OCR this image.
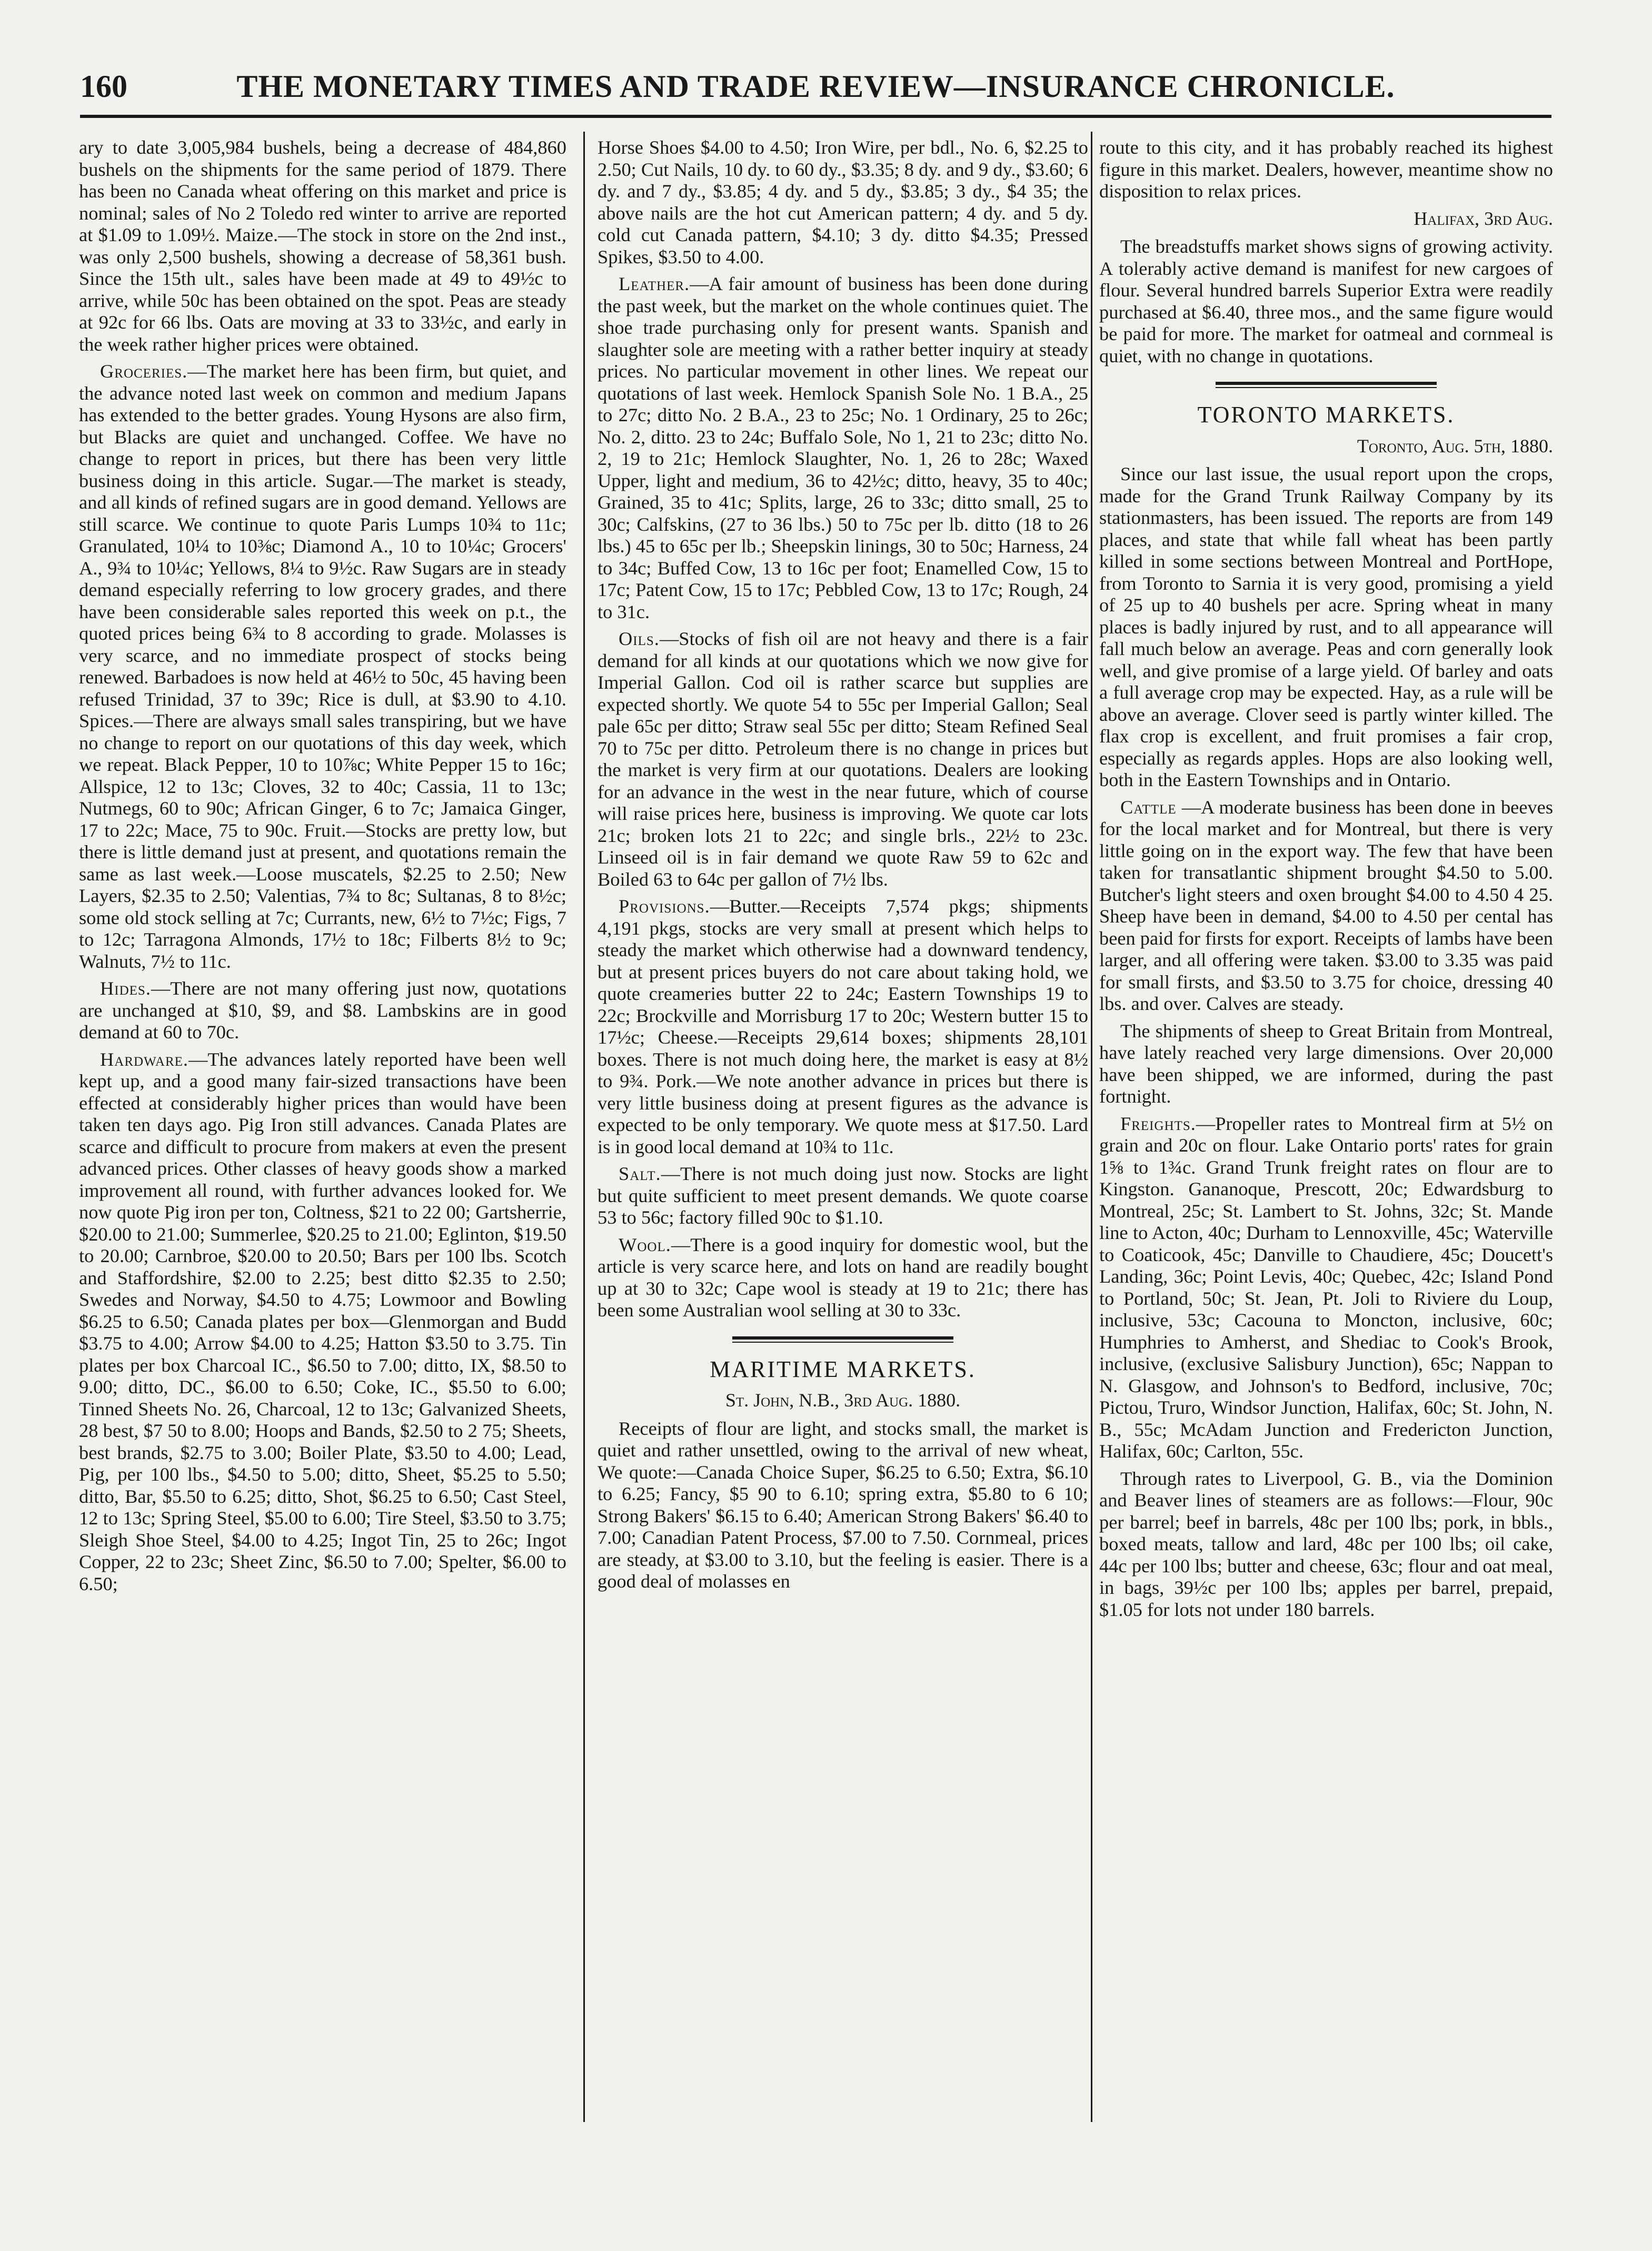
160	THE MONETARY TIMES AND TRADE REVIEW—INSURANCE CHRONICLE.

ary to date 3,005,984 bushels, being a decrease of 484,860 bushels on the shipments for the same period of 1879. There has been no Canada wheat offering on this market and price is nominal; sales of No 2 Toledo red winter to arrive are reported at $1.09 to 1.09½. Maize.—The stock in store on the 2nd inst., was only 2,500 bushels, showing a decrease of 58,361 bush. Since the 15th ult., sales have been made at 49 to 49½c to arrive, while 50c has been obtained on the spot. Peas are steady at 92c for 66 lbs. Oats are moving at 33 to 33½c, and early in the week rather higher prices were obtained.

Groceries.—The market here has been firm, but quiet, and the advance noted last week on common and medium Japans has extended to the better grades. Young Hysons are also firm, but Blacks are quiet and unchanged. Coffee. We have no change to report in prices, but there has been very little business doing in this article. Sugar.—The market is steady, and all kinds of refined sugars are in good demand. Yellows are still scarce. We continue to quote Paris Lumps 10¾ to 11c; Granulated, 10¼ to 10⅜c; Diamond A., 10 to 10¼c; Grocers' A., 9¾ to 10¼c; Yellows, 8¼ to 9½c. Raw Sugars are in steady demand especially referring to low grocery grades, and there have been considerable sales reported this week on p.t., the quoted prices being 6¾ to 8 according to grade. Molasses is very scarce, and no immediate prospect of stocks being renewed. Barbadoes is now held at 46½ to 50c, 45 having been refused Trinidad, 37 to 39c; Rice is dull, at $3.90 to 4.10. Spices.—There are always small sales transpiring, but we have no change to report on our quotations of this day week, which we repeat. Black Pepper, 10 to 10⅞c; White Pepper 15 to 16c; Allspice, 12 to 13c; Cloves, 32 to 40c; Cassia, 11 to 13c; Nutmegs, 60 to 90c; African Ginger, 6 to 7c; Jamaica Ginger, 17 to 22c; Mace, 75 to 90c. Fruit.—Stocks are pretty low, but there is little demand just at present, and quotations remain the same as last week.—Loose muscatels, $2.25 to 2.50; New Layers, $2.35 to 2.50; Valentias, 7¾ to 8c; Sultanas, 8 to 8½c; some old stock selling at 7c; Currants, new, 6½ to 7½c; Figs, 7 to 12c; Tarragona Almonds, 17½ to 18c; Filberts 8½ to 9c; Walnuts, 7½ to 11c.

Hides.—There are not many offering just now, quotations are unchanged at $10, $9, and $8. Lambskins are in good demand at 60 to 70c.

Hardware.—The advances lately reported have been well kept up, and a good many fair-sized transactions have been effected at considerably higher prices than would have been taken ten days ago. Pig Iron still advances. Canada Plates are scarce and difficult to procure from makers at even the present advanced prices. Other classes of heavy goods show a marked improvement all round, with further advances looked for. We now quote Pig iron per ton, Coltness, $21 to 22 00; Gartsherrie, $20.00 to 21.00; Summerlee, $20.25 to 21.00; Eglinton, $19.50 to 20.00; Carnbroe, $20.00 to 20.50; Bars per 100 lbs. Scotch and Staffordshire, $2.00 to 2.25; best ditto $2.35 to 2.50; Swedes and Norway, $4.50 to 4.75; Lowmoor and Bowling $6.25 to 6.50; Canada plates per box—Glenmorgan and Budd $3.75 to 4.00; Arrow $4.00 to 4.25; Hatton $3.50 to 3.75. Tin plates per box Charcoal IC., $6.50 to 7.00; ditto, IX, $8.50 to 9.00; ditto, DC., $6.00 to 6.50; Coke, IC., $5.50 to 6.00; Tinned Sheets No. 26, Charcoal, 12 to 13c; Galvanized Sheets, 28 best, $7 50 to 8.00; Hoops and Bands, $2.50 to 2 75; Sheets, best brands, $2.75 to 3.00; Boiler Plate, $3.50 to 4.00; Lead, Pig, per 100 lbs., $4.50 to 5.00; ditto, Sheet, $5.25 to 5.50; ditto, Bar, $5.50 to 6.25; ditto, Shot, $6.25 to 6.50; Cast Steel, 12 to 13c; Spring Steel, $5.00 to 6.00; Tire Steel, $3.50 to 3.75; Sleigh Shoe Steel, $4.00 to 4.25; Ingot Tin, 25 to 26c; Ingot Copper, 22 to 23c; Sheet Zinc, $6.50 to 7.00; Spelter, $6.00 to 6.50;

Horse Shoes $4.00 to 4.50; Iron Wire, per bdl., No. 6, $2.25 to 2.50; Cut Nails, 10 dy. to 60 dy., $3.35; 8 dy. and 9 dy., $3.60; 6 dy. and 7 dy., $3.85; 4 dy. and 5 dy., $3.85; 3 dy., $4 35; the above nails are the hot cut American pattern; 4 dy. and 5 dy. cold cut Canada pattern, $4.10; 3 dy. ditto $4.35; Pressed Spikes, $3.50 to 4.00.

Leather.—A fair amount of business has been done during the past week, but the market on the whole continues quiet. The shoe trade purchasing only for present wants. Spanish and slaughter sole are meeting with a rather better inquiry at steady prices. No particular movement in other lines. We repeat our quotations of last week. Hemlock Spanish Sole No. 1 B.A., 25 to 27c; ditto No. 2 B.A., 23 to 25c; No. 1 Ordinary, 25 to 26c; No. 2, ditto. 23 to 24c; Buffalo Sole, No 1, 21 to 23c; ditto No. 2, 19 to 21c; Hemlock Slaughter, No. 1, 26 to 28c; Waxed Upper, light and medium, 36 to 42½c; ditto, heavy, 35 to 40c; Grained, 35 to 41c; Splits, large, 26 to 33c; ditto small, 25 to 30c; Calfskins, (27 to 36 lbs.) 50 to 75c per lb. ditto (18 to 26 lbs.) 45 to 65c per lb.; Sheepskin linings, 30 to 50c; Harness, 24 to 34c; Buffed Cow, 13 to 16c per foot; Enamelled Cow, 15 to 17c; Patent Cow, 15 to 17c; Pebbled Cow, 13 to 17c; Rough, 24 to 31c.

Oils.—Stocks of fish oil are not heavy and there is a fair demand for all kinds at our quotations which we now give for Imperial Gallon. Cod oil is rather scarce but supplies are expected shortly. We quote 54 to 55c per Imperial Gallon; Seal pale 65c per ditto; Straw seal 55c per ditto; Steam Refined Seal 70 to 75c per ditto. Petroleum there is no change in prices but the market is very firm at our quotations. Dealers are looking for an advance in the west in the near future, which of course will raise prices here, business is improving. We quote car lots 21c; broken lots 21 to 22c; and single brls., 22½ to 23c. Linseed oil is in fair demand we quote Raw 59 to 62c and Boiled 63 to 64c per gallon of 7½ lbs.

Provisions.—Butter.—Receipts 7,574 pkgs; shipments 4,191 pkgs, stocks are very small at present which helps to steady the market which otherwise had a downward tendency, but at present prices buyers do not care about taking hold, we quote creameries butter 22 to 24c; Eastern Townships 19 to 22c; Brockville and Morrisburg 17 to 20c; Western butter 15 to 17½c; Cheese.—Receipts 29,614 boxes; shipments 28,101 boxes. There is not much doing here, the market is easy at 8½ to 9¾. Pork.—We note another advance in prices but there is very little business doing at present figures as the advance is expected to be only temporary. We quote mess at $17.50. Lard is in good local demand at 10¾ to 11c.

Salt.—There is not much doing just now. Stocks are light but quite sufficient to meet present demands. We quote coarse 53 to 56c; factory filled 90c to $1.10.

Wool.—There is a good inquiry for domestic wool, but the article is very scarce here, and lots on hand are readily bought up at 30 to 32c; Cape wool is steady at 19 to 21c; there has been some Australian wool selling at 30 to 33c.

MARITIME MARKETS.
St. John, N.B., 3rd Aug. 1880.

Receipts of flour are light, and stocks small, the market is quiet and rather unsettled, owing to the arrival of new wheat, We quote:—Canada Choice Super, $6.25 to 6.50; Extra, $6.10 to 6.25; Fancy, $5 90 to 6.10; spring extra, $5.80 to 6 10; Strong Bakers' $6.15 to 6.40; American Strong Bakers' $6.40 to 7.00; Canadian Patent Process, $7.00 to 7.50. Cornmeal, prices are steady, at $3.00 to 3.10, but the feeling is easier. There is a good deal of molasses en

route to this city, and it has probably reached its highest figure in this market. Dealers, however, meantime show no disposition to relax prices.

Halifax, 3rd Aug.

The breadstuffs market shows signs of growing activity. A tolerably active demand is manifest for new cargoes of flour. Several hundred barrels Superior Extra were readily purchased at $6.40, three mos., and the same figure would be paid for more. The market for oatmeal and cornmeal is quiet, with no change in quotations.

TORONTO MARKETS.
Toronto, Aug. 5th, 1880.

Since our last issue, the usual report upon the crops, made for the Grand Trunk Railway Company by its stationmasters, has been issued. The reports are from 149 places, and state that while fall wheat has been partly killed in some sections between Montreal and PortHope, from Toronto to Sarnia it is very good, promising a yield of 25 up to 40 bushels per acre. Spring wheat in many places is badly injured by rust, and to all appearance will fall much below an average. Peas and corn generally look well, and give promise of a large yield. Of barley and oats a full average crop may be expected. Hay, as a rule will be above an average. Clover seed is partly winter killed. The flax crop is excellent, and fruit promises a fair crop, especially as regards apples. Hops are also looking well, both in the Eastern Townships and in Ontario.

Cattle —A moderate business has been done in beeves for the local market and for Montreal, but there is very little going on in the export way. The few that have been taken for transatlantic shipment brought $4.50 to 5.00. Butcher's light steers and oxen brought $4.00 to 4.50 4 25. Sheep have been in demand, $4.00 to 4.50 per cental has been paid for firsts for export. Receipts of lambs have been larger, and all offering were taken. $3.00 to 3.35 was paid for small firsts, and $3.50 to 3.75 for choice, dressing 40 lbs. and over. Calves are steady.

The shipments of sheep to Great Britain from Montreal, have lately reached very large dimensions. Over 20,000 have been shipped, we are informed, during the past fortnight.

Freights.—Propeller rates to Montreal firm at 5½ on grain and 20c on flour. Lake Ontario ports' rates for grain 1⅝ to 1¾c. Grand Trunk freight rates on flour are to Kingston. Gananoque, Prescott, 20c; Edwardsburg to Montreal, 25c; St. Lambert to St. Johns, 32c; St. Mande line to Acton, 40c; Durham to Lennoxville, 45c; Waterville to Coaticook, 45c; Danville to Chaudiere, 45c; Doucett's Landing, 36c; Point Levis, 40c; Quebec, 42c; Island Pond to Portland, 50c; St. Jean, Pt. Joli to Riviere du Loup, inclusive, 53c; Cacouna to Moncton, inclusive, 60c; Humphries to Amherst, and Shediac to Cook's Brook, inclusive, (exclusive Salisbury Junction), 65c; Nappan to N. Glasgow, and Johnson's to Bedford, inclusive, 70c; Pictou, Truro, Windsor Junction, Halifax, 60c; St. John, N. B., 55c; McAdam Junction and Fredericton Junction, Halifax, 60c; Carlton, 55c.

Through rates to Liverpool, G. B., via the Dominion and Beaver lines of steamers are as follows:—Flour, 90c per barrel; beef in barrels, 48c per 100 lbs; pork, in bbls., boxed meats, tallow and lard, 48c per 100 lbs; oil cake, 44c per 100 lbs; butter and cheese, 63c; flour and oat meal, in bags, 39½c per 100 lbs; apples per barrel, prepaid, $1.05 for lots not under 180 barrels.
